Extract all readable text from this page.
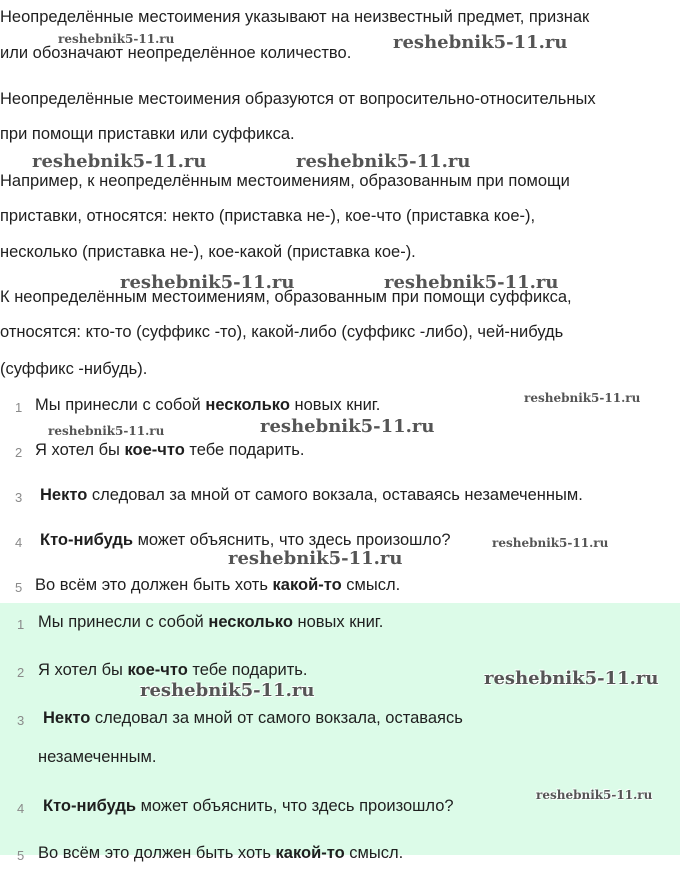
Неопределённые местоимения указывают на неизвестный предмет, признак
или обозначают неопределённое количество.
Неопределённые местоимения образуются от вопросительно-относительных
при помощи приставки или суффикса.
Например, к неопределённым местоимениям, образованным при помощи
приставки, относятся: некто (приставка не-), кое-что (приставка кое-),
несколько (приставка не-), кое-какой (приставка кое-).
К неопределённым местоимениям, образованным при помощи суффикса,
относятся: кто-то (суффикс -то), какой-либо (суффикс -либо), чей-нибудь
(суффикс -нибудь).
1 Мы принесли с собой несколько новых книг.
2 Я хотел бы кое-что тебе подарить.
3 Некто следовал за мной от самого вокзала, оставаясь незамеченным.
4 Кто-нибудь может объяснить, что здесь произошло?
5 Во всём это должен быть хоть какой-то смысл.
1 Мы принесли с собой несколько новых книг.
2 Я хотел бы кое-что тебе подарить.
3 Некто следовал за мной от самого вокзала, оставаясь
незамеченным.
4 Кто-нибудь может объяснить, что здесь произошло?
5 Во всём это должен быть хоть какой-то смысл.
reshebnik5-11.ru	reshebnik5-11.ru
reshebnik5-11.ru	reshebnik5-11.ru
reshebnik5-11.ru	reshebnik5-11.ru
reshebnik5-11.ru
reshebnik5-11.ru	reshebnik5-11.ru
reshebnik5-11.ru
reshebnik5-11.ru
reshebnik5-11.ru
reshebnik5-11.ru
reshebnik5-11.ru
